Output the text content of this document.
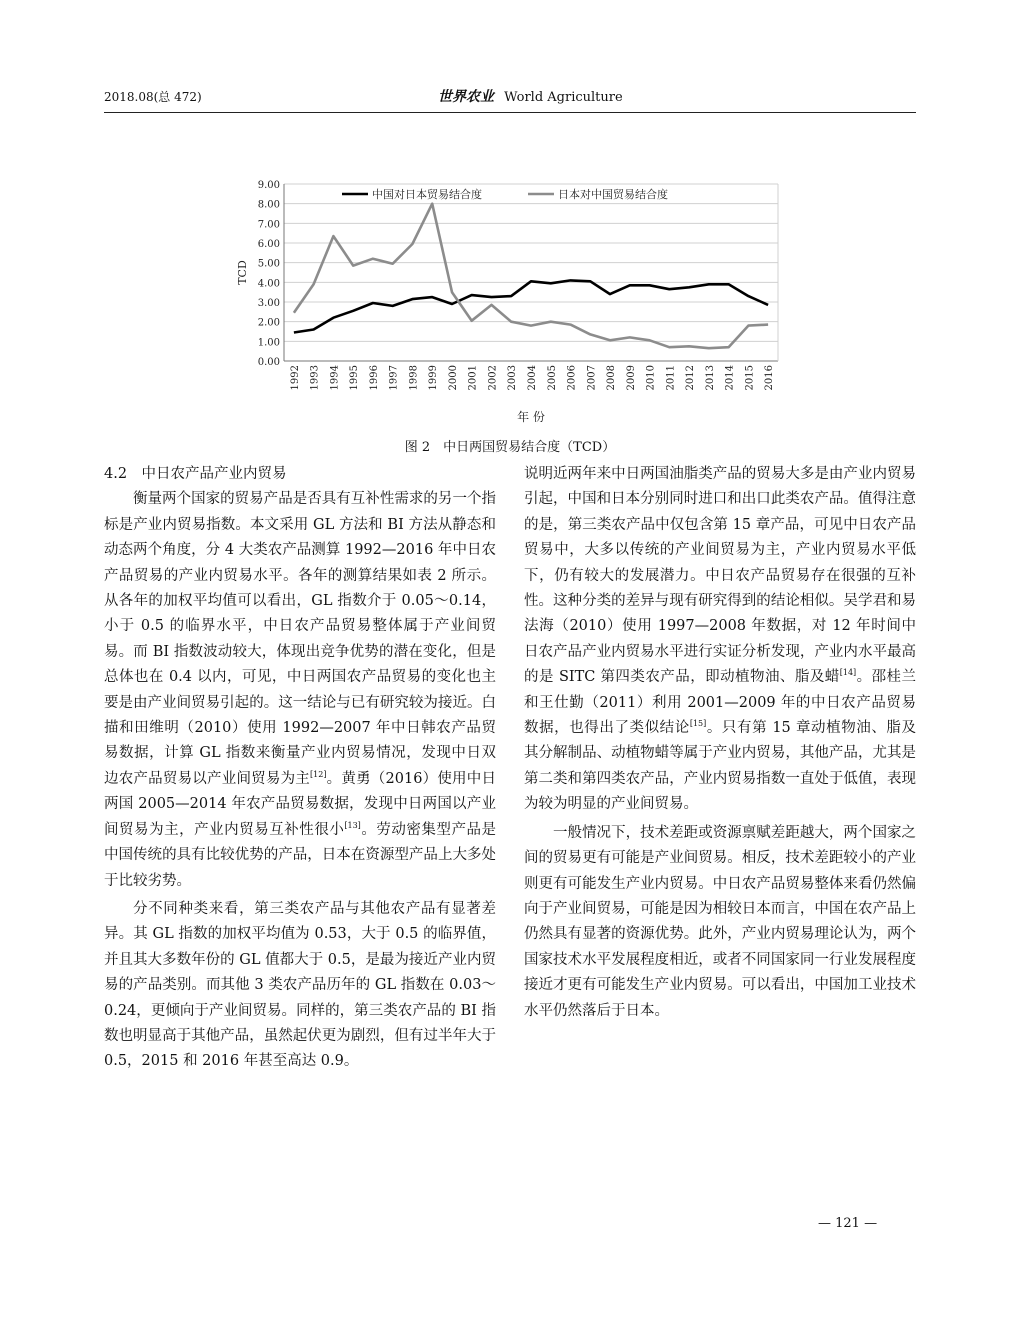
2018.08(总 472)	世界农业 World Agriculture
0.00
1.00
2.00
3.00
4.00
5.00
6.00
7.00
8.00
9.00
1992 1993 1994 1995 1996 1997 1998 1999 2000 2001 2002 2003 2004 2005 2006 2007 2008 2009 2010 2011 2012 2013 2014 2015 2016
TCD
年 份
中国对日本贸易结合度	日本对中国贸易结合度
图 2　中日两国贸易结合度（TCD）
4.2　中日农产品产业内贸易

衡量两个国家的贸易产品是否具有互补性需求的另一个指标是产业内贸易指数。本文采用 GL 方法和 BI 方法从静态和动态两个角度，分 4 大类农产品测算 1992—2016 年中日农产品贸易的产业内贸易水平。各年的测算结果如表 2 所示。从各年的加权平均值可以看出，GL 指数介于 0.05～0.14，小于 0.5 的临界水平，中日农产品贸易整体属于产业间贸易。而 BI 指数波动较大，体现出竞争优势的潜在变化，但是总体也在 0.4 以内，可见，中日两国农产品贸易的变化也主要是由产业间贸易引起的。这一结论与已有研究较为接近。白描和田维明（2010）使用 1992—2007 年中日韩农产品贸易数据，计算 GL 指数来衡量产业内贸易情况，发现中日双边农产品贸易以产业间贸易为主[12]。黄勇（2016）使用中日两国 2005—2014 年农产品贸易数据，发现中日两国以产业间贸易为主，产业内贸易互补性很小[13]。劳动密集型产品是中国传统的具有比较优势的产品，日本在资源型产品上大多处于比较劣势。

分不同种类来看，第三类农产品与其他农产品有显著差异。其 GL 指数的加权平均值为 0.53，大于 0.5 的临界值，并且其大多数年份的 GL 值都大于 0.5，是最为接近产业内贸易的产品类别。而其他 3 类农产品历年的 GL 指数在 0.03～0.24，更倾向于产业间贸易。同样的，第三类农产品的 BI 指数也明显高于其他产品，虽然起伏更为剧烈，但有过半年大于 0.5，2015 和 2016 年甚至高达 0.9。

说明近两年来中日两国油脂类产品的贸易大多是由产业内贸易引起，中国和日本分别同时进口和出口此类农产品。值得注意的是，第三类农产品中仅包含第 15 章产品，可见中日农产品贸易中，大多以传统的产业间贸易为主，产业内贸易水平低下，仍有较大的发展潜力。中日农产品贸易存在很强的互补性。这种分类的差异与现有研究得到的结论相似。吴学君和易法海（2010）使用 1997—2008 年数据，对 12 年时间中日农产品产业内贸易水平进行实证分析发现，产业内水平最高的是 SITC 第四类农产品，即动植物油、脂及蜡[14]。邵桂兰和王仕勤（2011）利用 2001—2009 年的中日农产品贸易数据，也得出了类似结论[15]。只有第 15 章动植物油、脂及其分解制品、动植物蜡等属于产业内贸易，其他产品，尤其是第二类和第四类农产品，产业内贸易指数一直处于低值，表现为较为明显的产业间贸易。

一般情况下，技术差距或资源禀赋差距越大，两个国家之间的贸易更有可能是产业间贸易。相反，技术差距较小的产业则更有可能发生产业内贸易。中日农产品贸易整体来看仍然偏向于产业间贸易，可能是因为相较日本而言，中国在农产品上仍然具有显著的资源优势。此外，产业内贸易理论认为，两个国家技术水平发展程度相近，或者不同国家同一行业发展程度接近才更有可能发生产业内贸易。可以看出，中国加工业技术水平仍然落后于日本。

— 121 —
